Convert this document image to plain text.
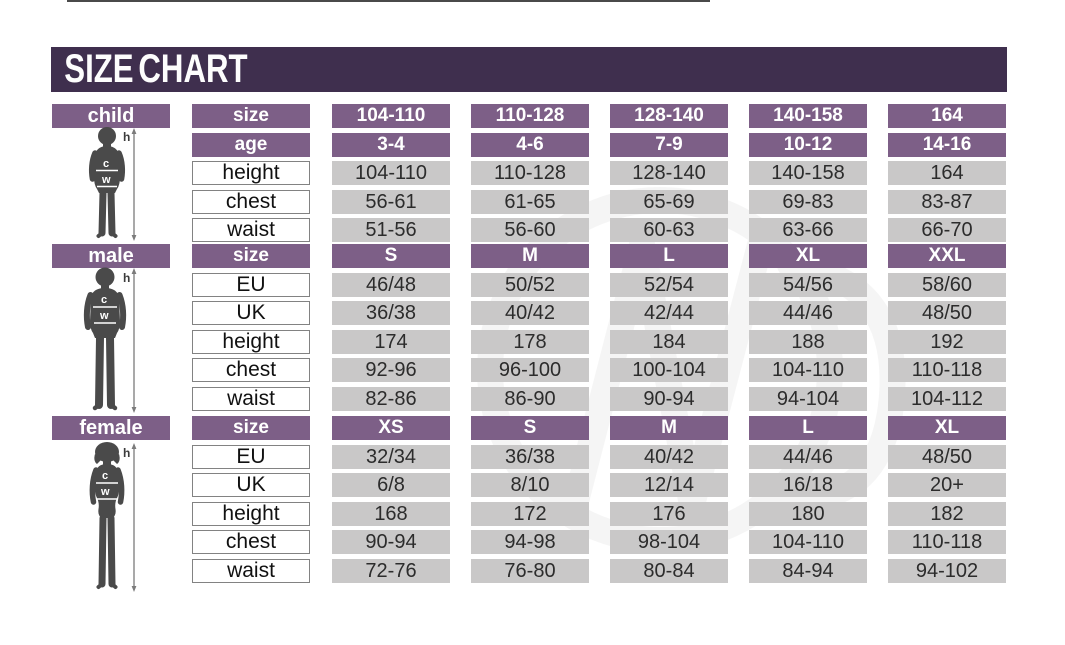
SIZE CHART
child	size	104-110	110-128	128-140	140-158	164
age	3-4	4-6	7-9	10-12	14-16
height	104-110	110-128	128-140	140-158	164
chest	56-61	61-65	65-69	69-83	83-87
waist	51-56	56-60	60-63	63-66	66-70
male	size	S	M	L	XL	XXL
EU	46/48	50/52	52/54	54/56	58/60
UK	36/38	40/42	42/44	44/46	48/50
height	174	178	184	188	192
chest	92-96	96-100	100-104	104-110	110-118
waist	82-86	86-90	90-94	94-104	104-112
female	size	XS	S	M	L	XL
EU	32/34	36/38	40/42	44/46	48/50
UK	6/8	8/10	12/14	16/18	20+
height	168	172	176	180	182
chest	90-94	94-98	98-104	104-110	110-118
waist	72-76	76-80	80-84	84-94	94-102
c
w
h
c
w
h
c
w
h
